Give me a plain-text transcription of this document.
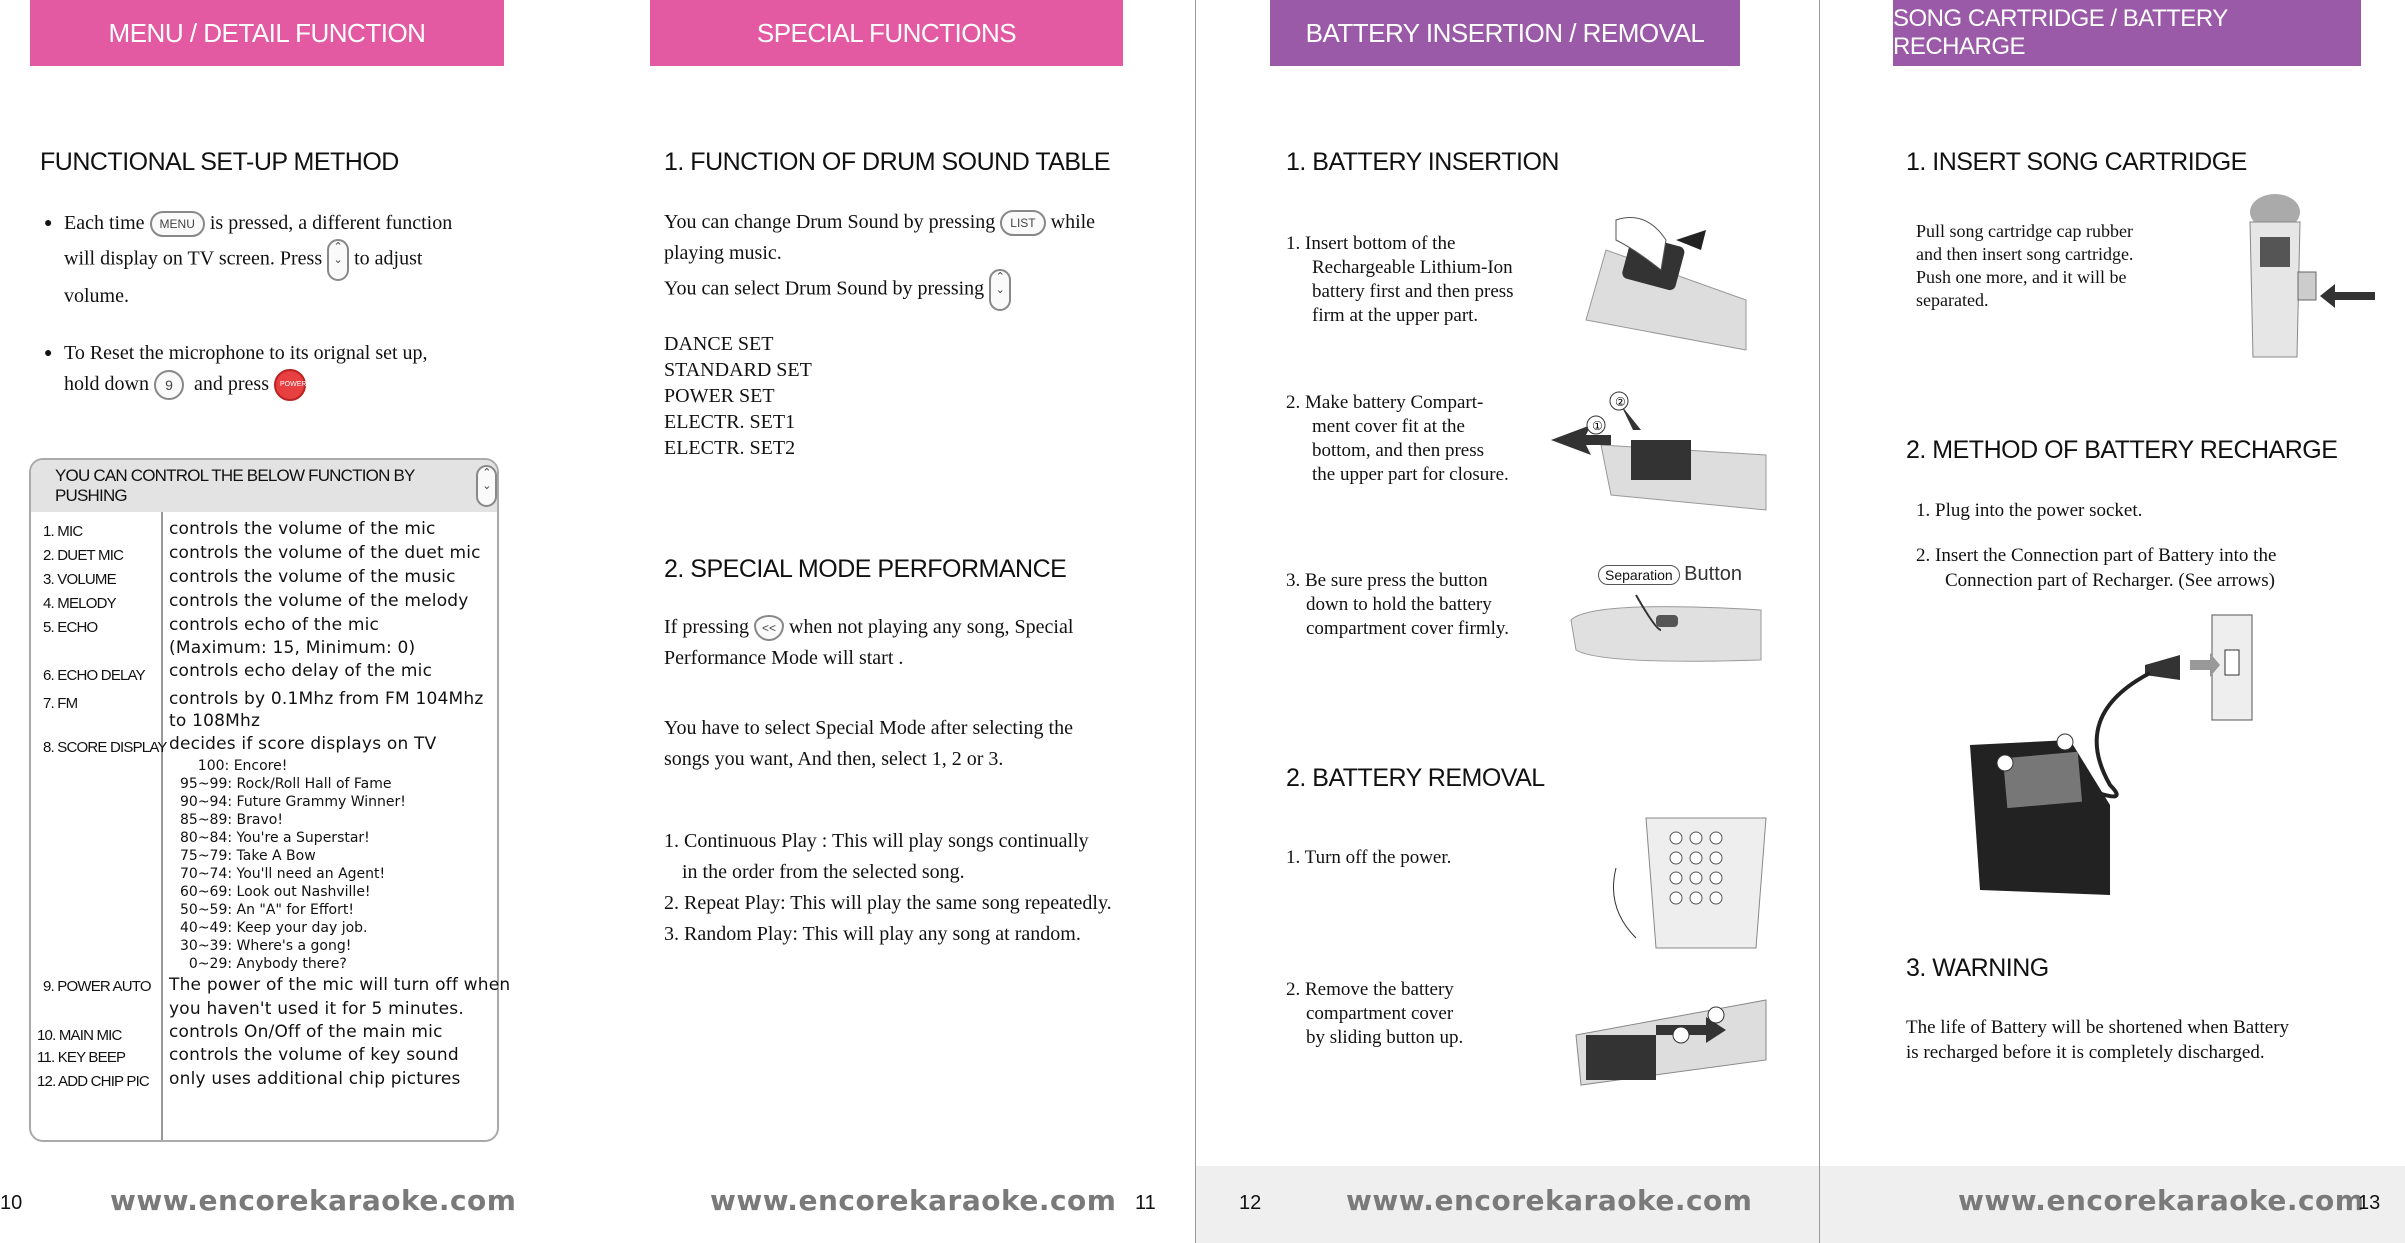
MENU / DETAIL FUNCTION
FUNCTIONAL SET-UP METHOD
● Each time MENU is pressed, a different function
will display on TV screen. Press ⌃
⌄ to adjust
volume.
● To Reset the microphone to its orignal set up,
hold down 9 and press POWER
YOU CAN CONTROL THE BELOW FUNCTION BY PUSHING
⌃
⌄
1. MIC	controls the volume of the mic
2. DUET MIC	controls the volume of the duet mic
3. VOLUME	controls the volume of the music
4. MELODY	controls the volume of the melody
5. ECHO	controls echo of the mic
(Maximum: 15, Minimum: 0)
6. ECHO DELAY controls echo delay of the mic
7. FM	controls by 0.1Mhz from FM 104Mhz
to 108Mhz
8. SCORE DISPLAY decides if score displays on TV
100: Encore!
95~99: Rock/Roll Hall of Fame
90~94: Future Grammy Winner!
85~89: Bravo!
80~84: You're a Superstar!
75~79: Take A Bow
70~74: You'll need an Agent!
60~69: Look out Nashville!
50~59: An "A" for Effort!
40~49: Keep your day job.
30~39: Where's a gong!
0~29: Anybody there?
9. POWER AUTO The power of the mic will turn off when
you haven't used it for 5 minutes.
10. MAIN MIC	controls On/Off of the main mic
11. KEY BEEP	controls the volume of key sound
12. ADD CHIP PIC only uses additional chip pictures
10	www.encorekaraoke.com
SPECIAL FUNCTIONS
1. FUNCTION OF DRUM SOUND TABLE

You can change Drum Sound by pressing LIST while

playing music.

You can select Drum Sound by pressing ⌃
⌄

DANCE SET

STANDARD SET

POWER SET

ELECTR. SET1

ELECTR. SET2

2. SPECIAL MODE PERFORMANCE

If pressing << when not playing any song, Special

Performance Mode will start .

You have to select Special Mode after selecting the

songs you want, And then, select 1, 2 or 3.

1. Continuous Play : This will play songs continually

in the order from the selected song.

2. Repeat Play: This will play the same song repeatedly.

3. Random Play: This will play any song at random.

www.encorekaraoke.com 11
BATTERY INSERTION / REMOVAL
1. BATTERY INSERTION

1. Insert bottom of the

Rechargeable Lithium-Ion

battery first and then press

firm at the upper part.

2. Make battery Compart-

ment cover fit at the

bottom, and then press

the upper part for closure.

①
②

3. Be sure press the button

down to hold the battery

compartment cover firmly.

Separation Button
2. BATTERY REMOVAL
1. Turn off the power.

2. Remove the battery

compartment cover

by sliding button up.

12	www.encorekaraoke.com
SONG CARTRIDGE / BATTERY RECHARGE
1. INSERT SONG CARTRIDGE

Pull song cartridge cap rubber

and then insert song cartridge.

Push one more, and it will be

separated.

2. METHOD OF BATTERY RECHARGE

1. Plug into the power socket.

2. Insert the Connection part of Battery into the

Connection part of Recharger. (See arrows)

3. WARNING

The life of Battery will be shortened when Battery

is recharged before it is completely discharged.

www.encorekaraoke.com
13
